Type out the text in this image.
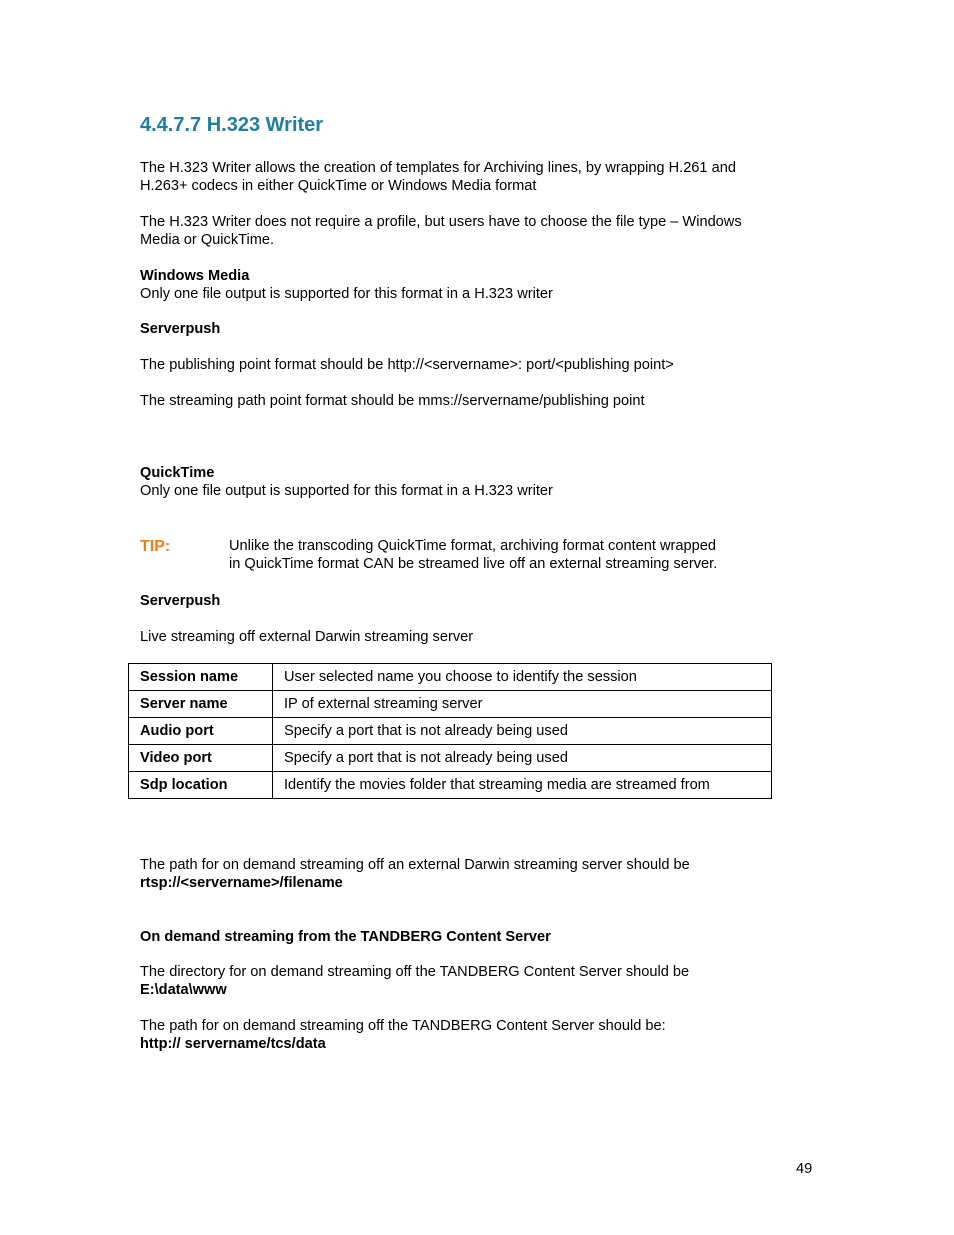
4.4.7.7 H.323 Writer
The H.323 Writer allows the creation of templates for Archiving lines, by wrapping H.261 and
H.263+ codecs in either QuickTime or Windows Media format
The H.323 Writer does not require a profile, but users have to choose the file type – Windows
Media or QuickTime.
Windows Media
Only one file output is supported for this format in a H.323 writer
Serverpush
The publishing point format should be http://<servername>: port/<publishing point>
The streaming path point format should be mms://servername/publishing point
QuickTime
Only one file output is supported for this format in a H.323 writer
TIP:	Unlike the transcoding QuickTime format, archiving format content wrapped
in QuickTime format CAN be streamed live off an external streaming server.
Serverpush
Live streaming off external Darwin streaming server
Session name	User selected name you choose to identify the session
Server name	IP of external streaming server
Audio port	Specify a port that is not already being used
Video port	Specify a port that is not already being used
Sdp location	Identify the movies folder that streaming media are streamed from
The path for on demand streaming off an external Darwin streaming server should be
rtsp://<servername>/filename
On demand streaming from the TANDBERG Content Server
The directory for on demand streaming off the TANDBERG Content Server should be
E:\data\www
The path for on demand streaming off the TANDBERG Content Server should be:
http:// servername/tcs/data
49
